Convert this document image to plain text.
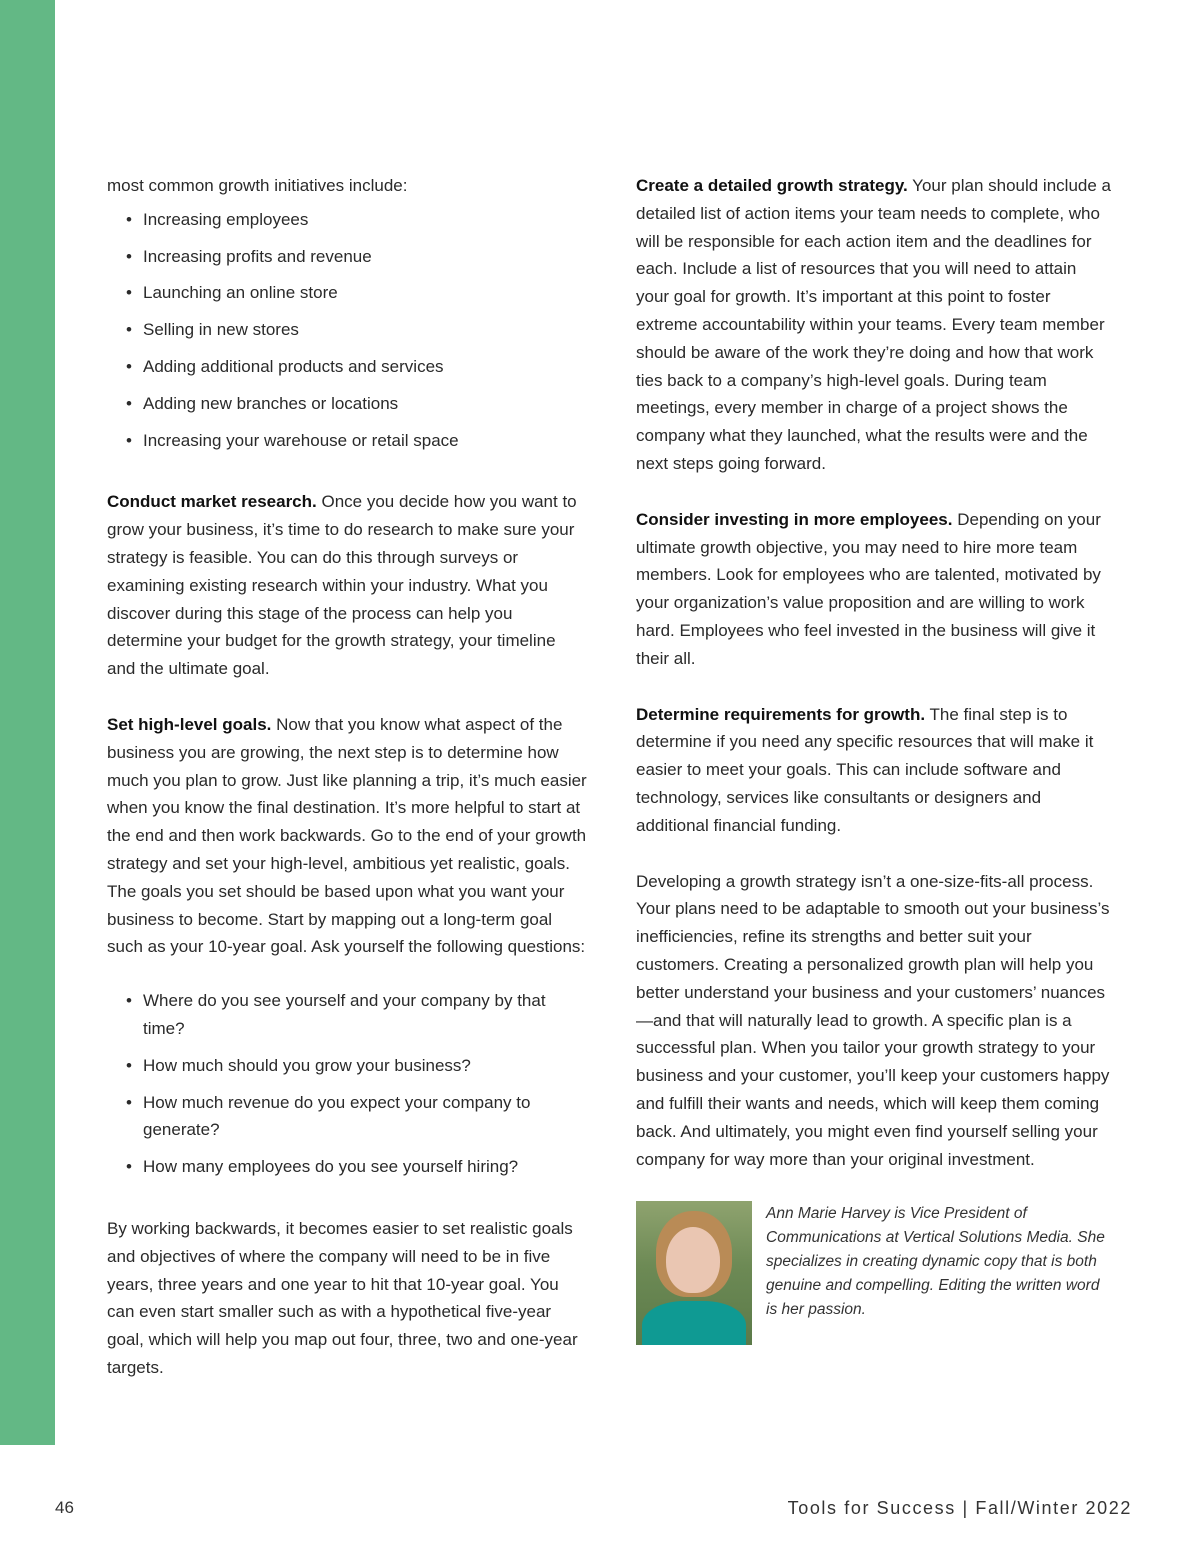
most common growth initiatives include:

• Increasing employees
• Increasing profits and revenue
• Launching an online store
• Selling in new stores
• Adding additional products and services
• Adding new branches or locations
• Increasing your warehouse or retail space

Conduct market research. Once you decide how you want to grow your business, it’s time to do research to make sure your strategy is feasible. You can do this through surveys or examining existing research within your industry. What you discover during this stage of the process can help you determine your budget for the growth strategy, your timeline and the ultimate goal.

Set high-level goals. Now that you know what aspect of the business you are growing, the next step is to determine how much you plan to grow. Just like planning a trip, it’s much easier when you know the final destination. It’s more helpful to start at the end and then work backwards. Go to the end of your growth strategy and set your high-level, ambitious yet realistic, goals. The goals you set should be based upon what you want your business to become. Start by mapping out a long-term goal such as your 10-year goal. Ask yourself the following questions:

• Where do you see yourself and your company by that time?
• How much should you grow your business?
• How much revenue do you expect your company to generate?
• How many employees do you see yourself hiring?

By working backwards, it becomes easier to set realistic goals and objectives of where the company will need to be in five years, three years and one year to hit that 10-year goal. You can even start smaller such as with a hypothetical five-year goal, which will help you map out four, three, two and one-year targets.

Create a detailed growth strategy. Your plan should include a detailed list of action items your team needs to complete, who will be responsible for each action item and the deadlines for each. Include a list of resources that you will need to attain your goal for growth. It’s important at this point to foster extreme accountability within your teams. Every team member should be aware of the work they’re doing and how that work ties back to a company’s high-level goals. During team meetings, every member in charge of a project shows the company what they launched, what the results were and the next steps going forward.

Consider investing in more employees. Depending on your ultimate growth objective, you may need to hire more team members. Look for employees who are talented, motivated by your organization’s value proposition and are willing to work hard. Employees who feel invested in the business will give it their all.

Determine requirements for growth. The final step is to determine if you need any specific resources that will make it easier to meet your goals. This can include software and technology, services like consultants or designers and additional financial funding.

Developing a growth strategy isn’t a one-size-fits-all process. Your plans need to be adaptable to smooth out your business’s inefficiencies, refine its strengths and better suit your customers. Creating a personalized growth plan will help you better understand your business and your customers’ nuances—and that will naturally lead to growth. A specific plan is a successful plan. When you tailor your growth strategy to your business and your customer, you’ll keep your customers happy and fulfill their wants and needs, which will keep them coming back. And ultimately, you might even find yourself selling your company for way more than your original investment.

Ann Marie Harvey is Vice President of Communications at Vertical Solutions Media. She specializes in creating dynamic copy that is both genuine and compelling. Editing the written word is her passion.
46	Tools for Success | Fall/Winter 2022
